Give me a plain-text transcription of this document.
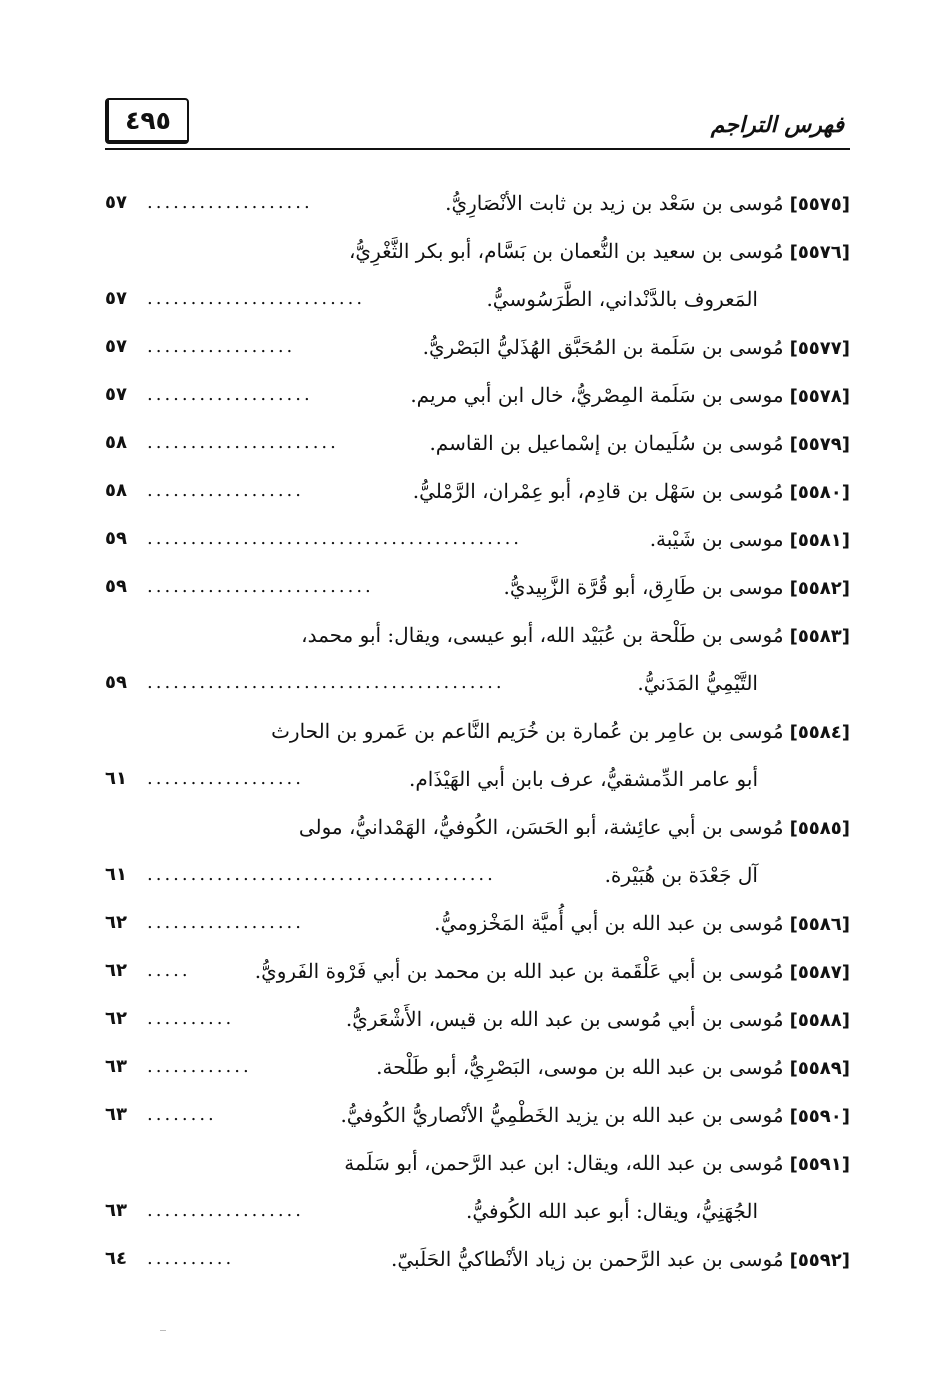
٤٩٥	فهرس التراجم
[٥٥٧٥]مُوسى بن سَعْد بن زيد بن ثابت الأنْصَارِيُّ.
...................
٥٧
[٥٥٧٦]مُوسى بن سعيد بن النُّعمان بن بَسَّام، أبو بكر الثَّغْرِيُّ،
المَعروف بالدَّنْداني، الطَّرَسُوسيُّ.
.........................
٥٧
[٥٥٧٧]مُوسى بن سَلَمة بن المُحَبَّق الهُذَليُّ البَصْريُّ.
.................
٥٧
[٥٥٧٨]موسى بن سَلَمة المِصْريُّ، خال ابن أبي مريم.
...................
٥٧
[٥٥٧٩]مُوسى بن سُلَيمان بن إسْماعيل بن القاسم.
......................
٥٨
[٥٥٨٠]مُوسى بن سَهْل بن قادِم، أبو عِمْران، الرَّمْليُّ.
..................
٥٨
[٥٥٨١]موسى بن شَيْبة.
...........................................
٥٩
[٥٥٨٢]موسى بن طَارِق، أبو قُرَّة الزَّبِيديُّ.
..........................
٥٩
[٥٥٨٣]مُوسى بن طَلْحة بن عُبَيْد الله، أبو عيسى، ويقال: أبو محمد،
التَّيْمِيُّ المَدَنيُّ.
.........................................
٥٩
[٥٥٨٤]مُوسى بن عامِر بن عُمارة بن خُرَيم النَّاعم بن عَمرو بن الحارث
أبو عامر الدِّمشقيُّ، عرف بابن أبي الهَيْذَام.
..................
٦١
[٥٥٨٥]مُوسى بن أبي عائِشة، أبو الحَسَن، الكُوفيُّ، الهَمْدانيُّ، مولى
آل جَعْدَة بن هُبَيْرة.
........................................
٦١
[٥٥٨٦]مُوسى بن عبد الله بن أبي أُميَّة المَخْزوميُّ.
..................
٦٢
[٥٥٨٧]مُوسى بن أبي عَلْقَمة بن عبد الله بن محمد بن أبي فَرْوة الفَرويُّ.
.....
٦٢
[٥٥٨٨]مُوسى بن أبي مُوسى بن عبد الله بن قيس، الأَشْعَريُّ.
..........
٦٢
[٥٥٨٩]مُوسى بن عبد الله بن موسى، البَصْرِيُّ، أبو طَلْحة.
............
٦٣
[٥٥٩٠]مُوسى بن عبد الله بن يزيد الخَطْمِيُّ الأنْصاريُّ الكُوفيُّ.
........
٦٣
[٥٥٩١]مُوسى بن عبد الله، ويقال: ابن عبد الرَّحمن، أبو سَلَمة
الجُهَنِيُّ، ويقال: أبو عبد الله الكُوفيُّ.
..................
٦٣
[٥٥٩٢]مُوسى بن عبد الرَّحمن بن زياد الأنْطاكيُّ الحَلَبيّ.
..........
٦٤
